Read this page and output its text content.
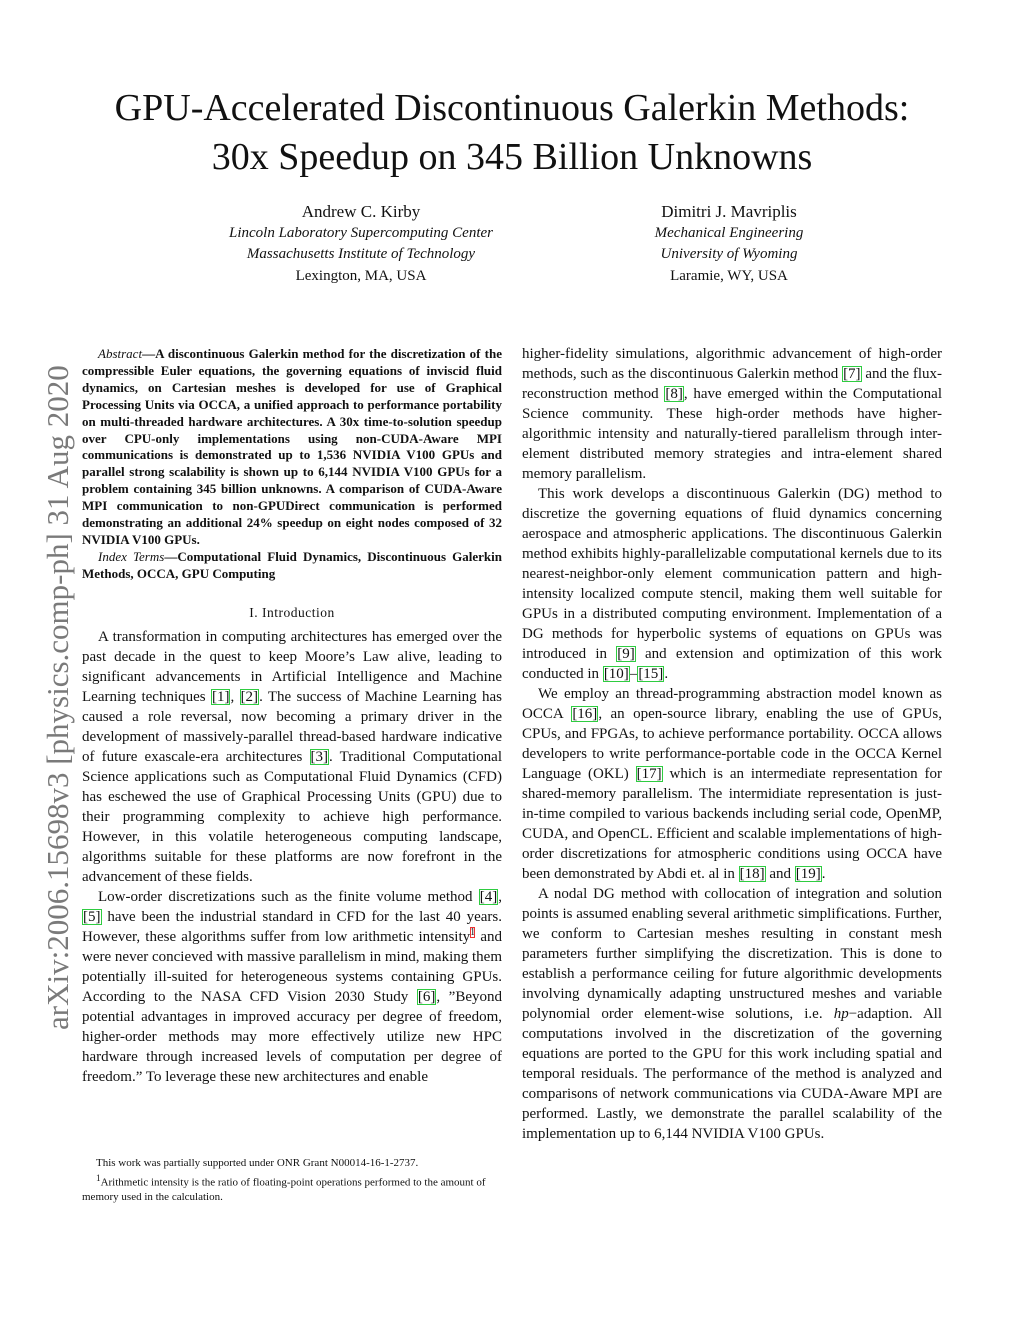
arXiv:2006.15698v3 [physics.comp-ph] 31 Aug 2020
GPU-Accelerated Discontinuous Galerkin Methods:
30x Speedup on 345 Billion Unknowns
Andrew C. Kirby
Lincoln Laboratory Supercomputing Center
Massachusetts Institute of Technology
Lexington, MA, USA
Dimitri J. Mavriplis
Mechanical Engineering
University of Wyoming
Laramie, WY, USA

Abstract—A discontinuous Galerkin method for the discretization of the compressible Euler equations, the governing equations of inviscid fluid dynamics, on Cartesian meshes is developed for use of Graphical Processing Units via OCCA, a unified approach to performance portability on multi-threaded hardware architectures. A 30x time-to-solution speedup over CPU-only implementations using non-CUDA-Aware MPI communications is demonstrated up to 1,536 NVIDIA V100 GPUs and parallel strong scalability is shown up to 6,144 NVIDIA V100 GPUs for a problem containing 345 billion unknowns. A comparison of CUDA-Aware MPI communication to non-GPUDirect communication is performed demonstrating an additional 24% speedup on eight nodes composed of 32 NVIDIA V100 GPUs.

Index Terms—Computational Fluid Dynamics, Discontinuous Galerkin Methods, OCCA, GPU Computing

I. Introduction

A transformation in computing architectures has emerged over the past decade in the quest to keep Moore’s Law alive, leading to significant advancements in Artificial Intelligence and Machine Learning techniques [1], [2]. The success of Machine Learning has caused a role reversal, now becoming a primary driver in the development of massively-parallel thread-based hardware indicative of future exascale-era architectures [3]. Traditional Computational Science applications such as Computational Fluid Dynamics (CFD) has eschewed the use of Graphical Processing Units (GPU) due to their programming complexity to achieve high performance. However, in this volatile heterogeneous computing landscape, algorithms suitable for these platforms are now forefront in the advancement of these fields.

Low-order discretizations such as the finite volume method [4], [5] have been the industrial standard in CFD for the last 40 years. However, these algorithms suffer from low arithmetic intensity$^1$ and were never concieved with massive parallelism in mind, making them potentially ill-suited for heterogeneous systems containing GPUs. According to the NASA CFD Vision 2030 Study [6], ”Beyond potential advantages in improved accuracy per degree of freedom, higher-order methods may more effectively utilize new HPC hardware through increased levels of computation per degree of freedom.” To leverage these new architectures and enable

This work was partially supported under ONR Grant N00014-16-1-2737.

$^1$Arithmetic intensity is the ratio of floating-point operations performed to the amount of memory used in the calculation.

higher-fidelity simulations, algorithmic advancement of high-order methods, such as the discontinuous Galerkin method [7] and the flux-reconstruction method [8], have emerged within the Computational Science community. These high-order methods have higher-algorithmic intensity and naturally-tiered parallelism through inter-element distributed memory strategies and intra-element shared memory parallelism.

This work develops a discontinuous Galerkin (DG) method to discretize the governing equations of fluid dynamics concerning aerospace and atmospheric applications. The discontinuous Galerkin method exhibits highly-parallelizable computational kernels due to its nearest-neighbor-only element communication pattern and high-intensity localized compute stencil, making them well suitable for GPUs in a distributed computing environment. Implementation of a DG methods for hyperbolic systems of equations on GPUs was introduced in [9] and extension and optimization of this work conducted in [10]–[15].

We employ an thread-programming abstraction model known as OCCA [16], an open-source library, enabling the use of GPUs, CPUs, and FPGAs, to achieve performance portability. OCCA allows developers to write performance-portable code in the OCCA Kernel Language (OKL) [17] which is an intermediate representation for shared-memory parallelism. The intermidiate representation is just-in-time compiled to various backends including serial code, OpenMP, CUDA, and OpenCL. Efficient and scalable implementations of high-order discretizations for atmospheric conditions using OCCA have been demonstrated by Abdi et. al in [18] and [19].

A nodal DG method with collocation of integration and solution points is assumed enabling several arithmetic simplifications. Further, we conform to Cartesian meshes resulting in constant mesh parameters further simplifying the discretization. This is done to establish a performance ceiling for future algorithmic developments involving dynamically adapting unstructured meshes and variable polynomial order element-wise solutions, i.e. hp−adaption. All computations involved in the discretization of the governing equations are ported to the GPU for this work including spatial and temporal residuals. The performance of the method is analyzed and comparisons of network communications via CUDA-Aware MPI are performed. Lastly, we demonstrate the parallel scalability of the implementation up to 6,144 NVIDIA V100 GPUs.
